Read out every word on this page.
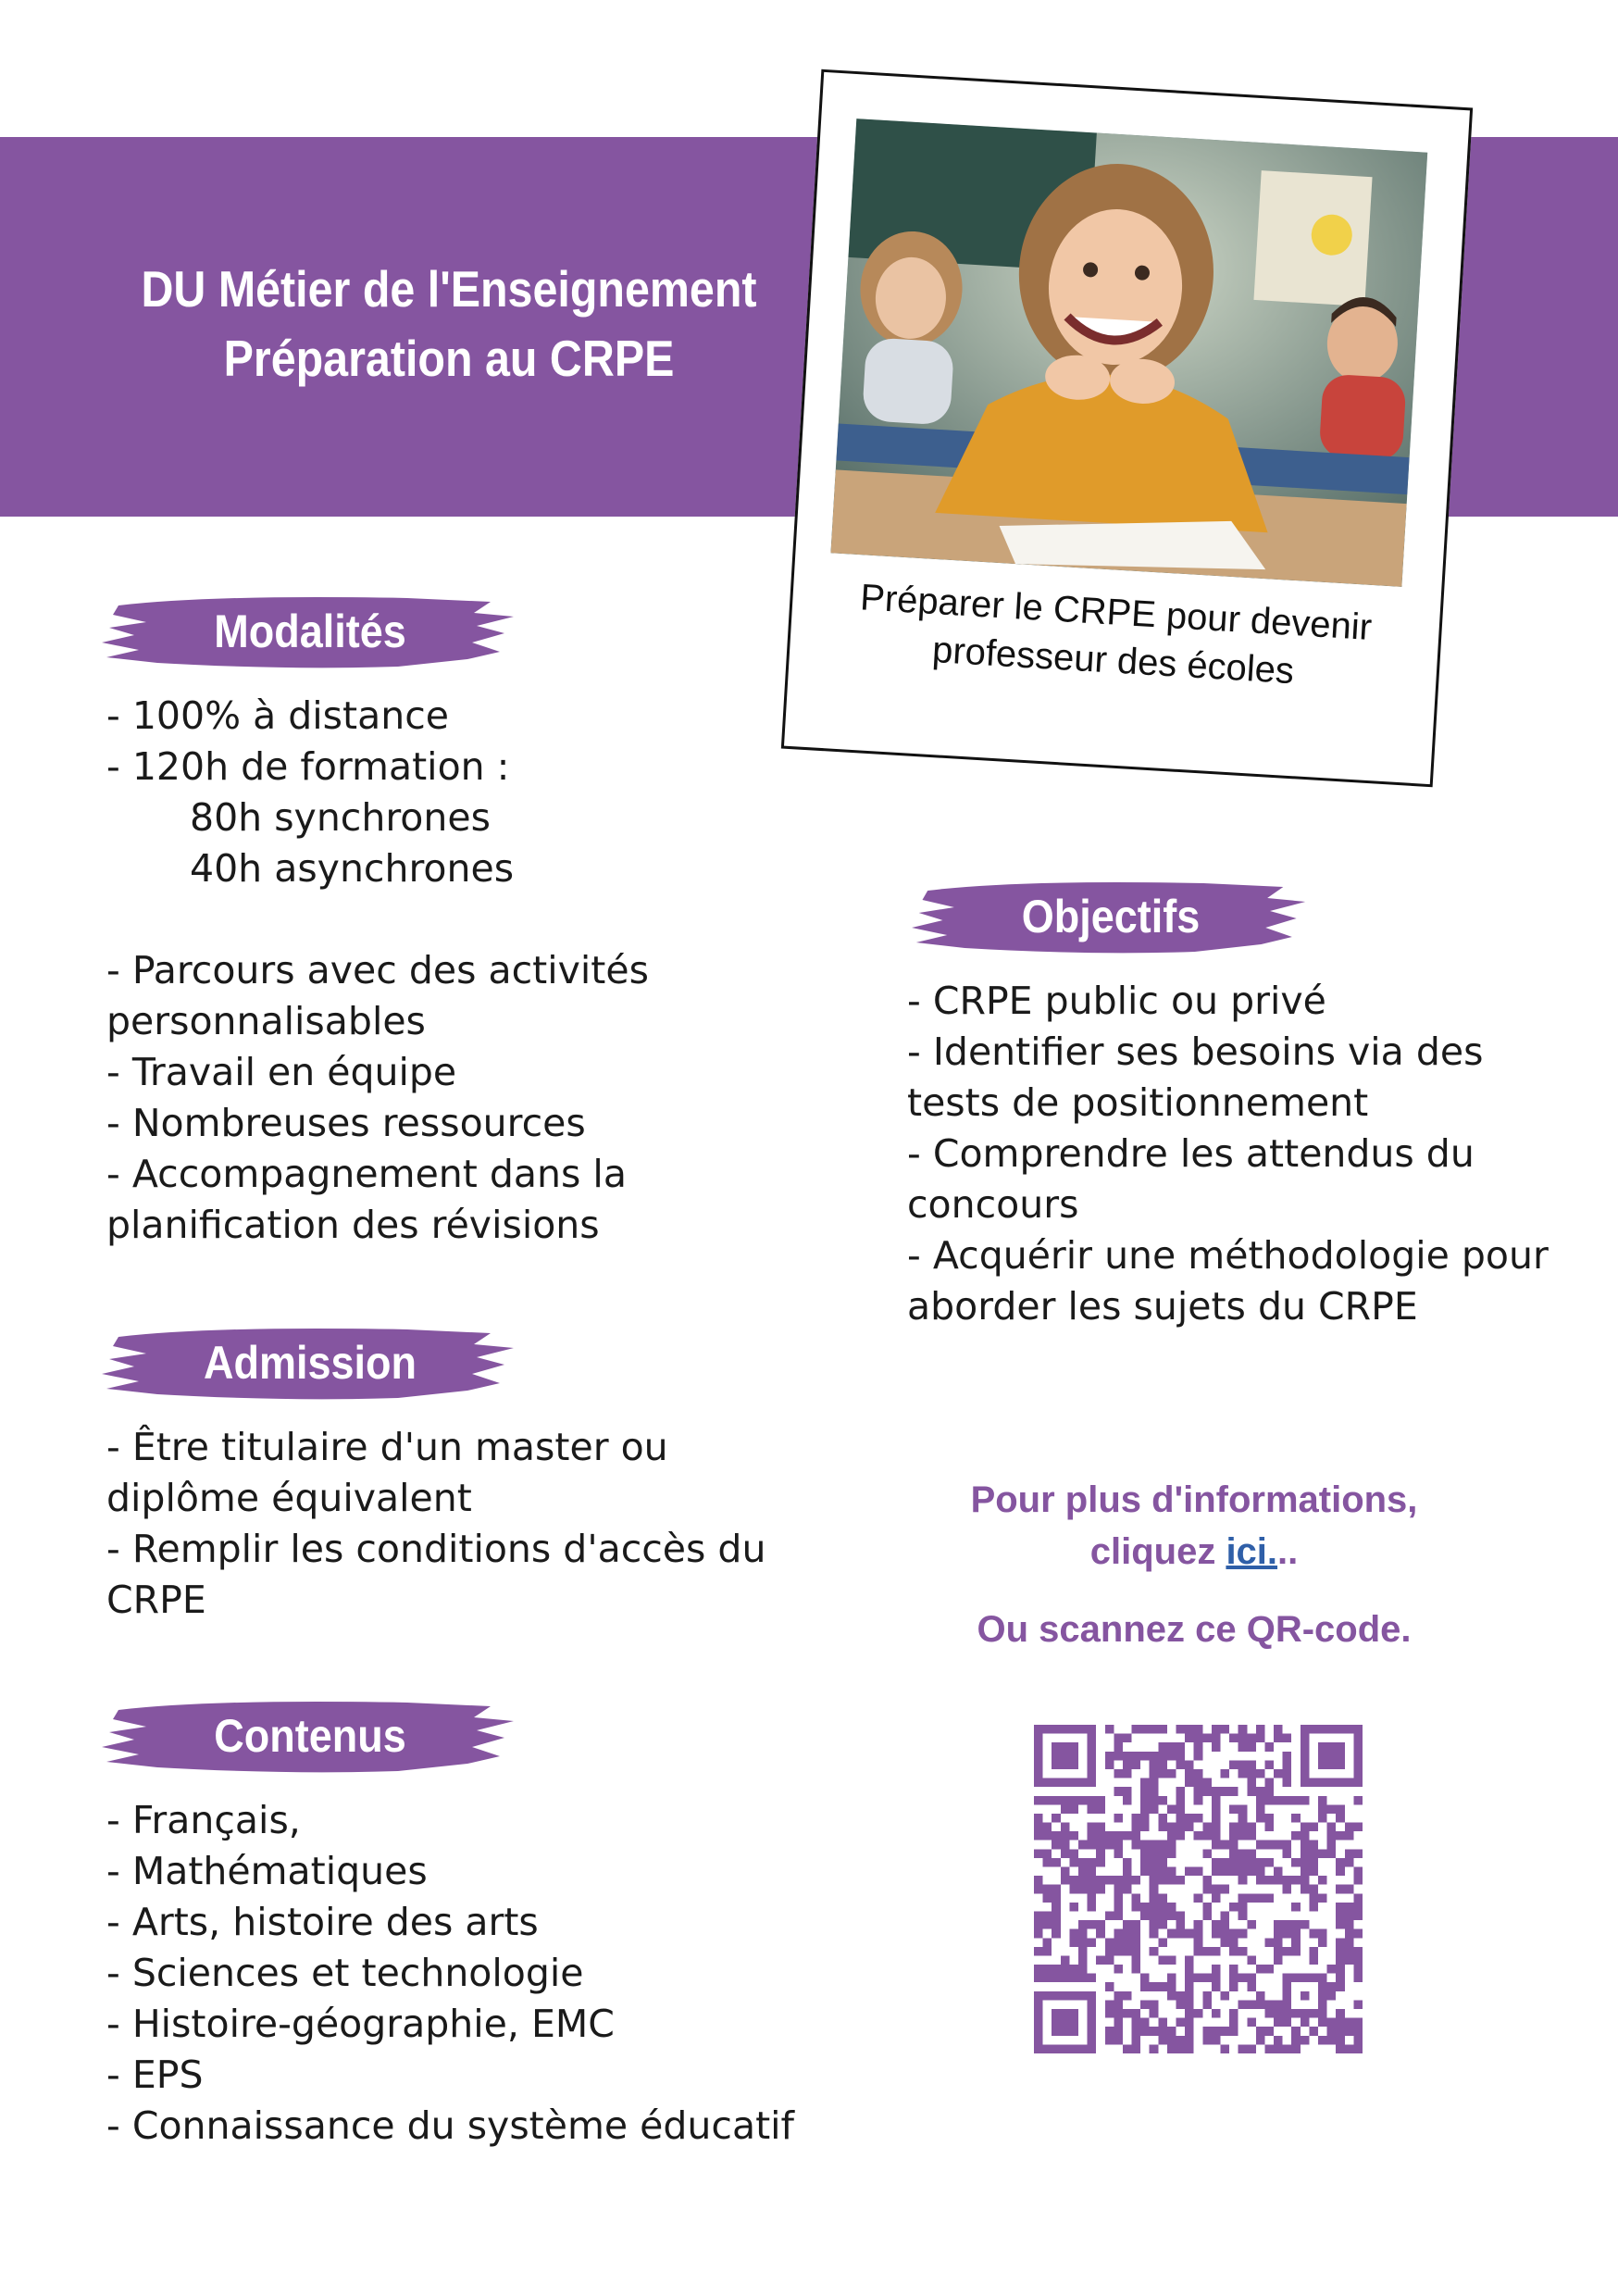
DU Métier de l'Enseignement
Préparation au CRPE
Préparer le CRPE pour devenir
professeur des écoles
Modalités
- 100% à distance
- 120h de formation :
80h synchrones
40h asynchrones
- Parcours avec des activités
personnalisables
- Travail en équipe
- Nombreuses ressources
- Accompagnement dans la
planification des révisions
Admission
- Être titulaire d'un master ou
diplôme équivalent
- Remplir les conditions d'accès du
CRPE
Contenus
- Français,
- Mathématiques
- Arts, histoire des arts
- Sciences et technologie
- Histoire-géographie, EMC
- EPS
- Connaissance du système éducatif
Objectifs
- CRPE public ou privé
- Identifier ses besoins via des
tests de positionnement
- Comprendre les attendus du
concours
- Acquérir une méthodologie pour
aborder les sujets du CRPE
Pour plus d'informations,
cliquez ici...
Ou scannez ce QR-code.
